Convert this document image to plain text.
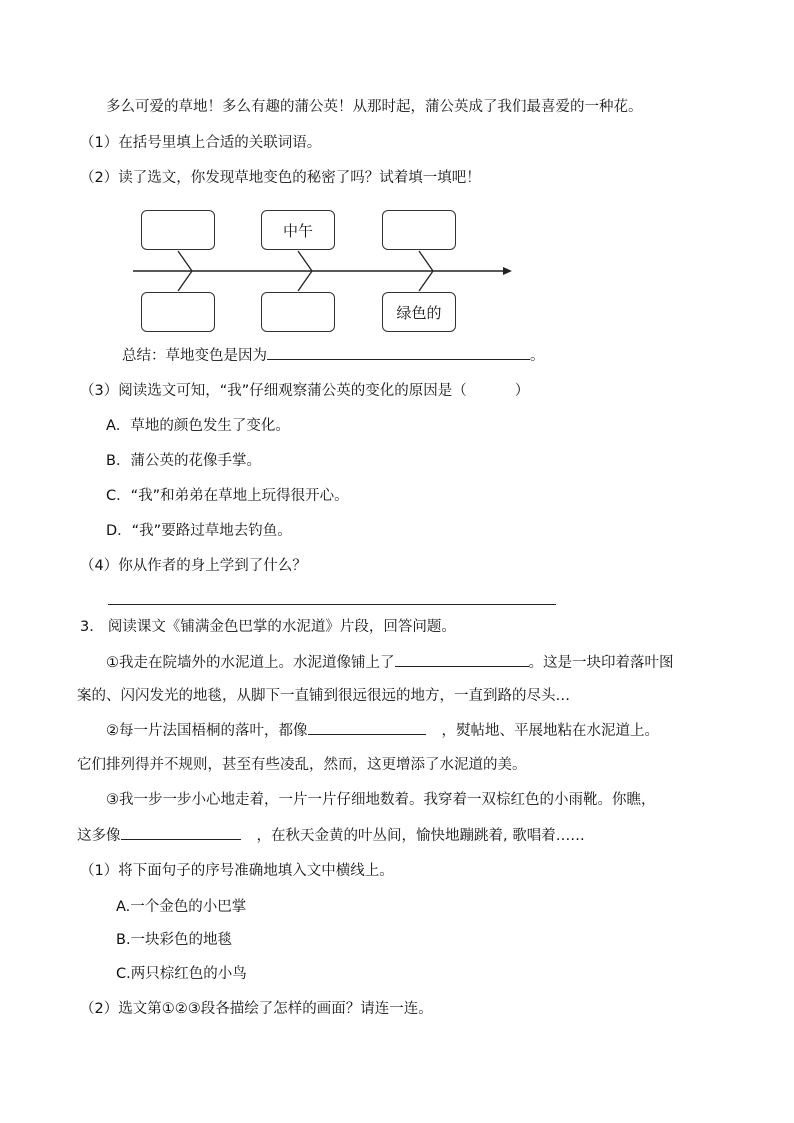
多么可爱的草地！多么有趣的蒲公英！从那时起，蒲公英成了我们最喜爱的一种花。
（1）在括号里填上合适的关联词语。
（2）读了选文，你发现草地变色的秘密了吗？试着填一填吧！
中午
绿色的
总结：草地变色是因为	。
（3）阅读选文可知，“我”仔细观察蒲公英的变化的原因是（	）
A．草地的颜色发生了变化。
B．蒲公英的花像手掌。
C．“我”和弟弟在草地上玩得很开心。
D．“我”要路过草地去钓鱼。
（4）你从作者的身上学到了什么？
3. 阅读课文《铺满金色巴掌的水泥道》片段，回答问题。
①我走在院墙外的水泥道上。水泥道像铺上了	。这是一块印着落叶图
案的、闪闪发光的地毯，从脚下一直铺到很远很远的地方，一直到路的尽头…
②每一片法国梧桐的落叶，都像	，熨帖地、平展地粘在水泥道上。
它们排列得并不规则，甚至有些凌乱，然而，这更增添了水泥道的美。
③我一步一步小心地走着，一片一片仔细地数着。我穿着一双棕红色的小雨靴。你瞧，
这多像	，在秋天金黄的叶丛间，愉快地蹦跳着, 歌唱着……
（1）将下面句子的序号准确地填入文中横线上。
A.一个金色的小巴掌
B.一块彩色的地毯
C.两只棕红色的小鸟
（2）选文第①②③段各描绘了怎样的画面？请连一连。
